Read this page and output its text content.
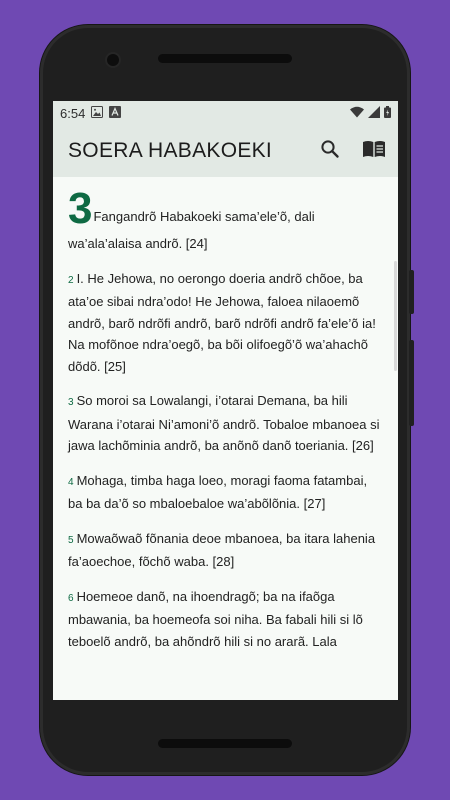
6:54
SOERA HABAKOEKI
3 Fangandrõ Habakoeki sama’ele’õ, dali

wa’ala’alaisa andrõ. [24]

2 I. He Jehowa, no oerongo doeria andrõ chõoe, ba ata’oe sibai ndra’odo! He Jehowa, faloea nilaoemõ andrõ, barõ ndrõfi andrõ, barõ ndrõfi andrõ fa’ele’õ ia! Na mofõnoe ndra’oegõ, ba bõi olifoegõ’õ wa’ahachõ dõdõ. [25]

3 So moroi sa Lowalangi, i’otarai Demana, ba hili Warana i’otarai Ni’amoni’õ andrõ. Tobaloe mbanoea si jawa lachõminia andrõ, ba anõnõ danõ toeriania. [26]

4 Mohaga, timba haga loeo, moragi faoma fatambai, ba ba da’õ so mbaloebaloe wa’abõlõnia. [27]

5 Mowaõwaõ fõnania deoe mbanoea, ba itara lahenia fa’aoechoe, fõchõ waba. [28]

6 Hoemeoe danõ, na ihoendragõ; ba na ifaõga mbawania, ba hoemeofa soi niha. Ba fabali hili si lõ teboelõ andrõ, ba ahõndrõ hili si no ararã. Lala
